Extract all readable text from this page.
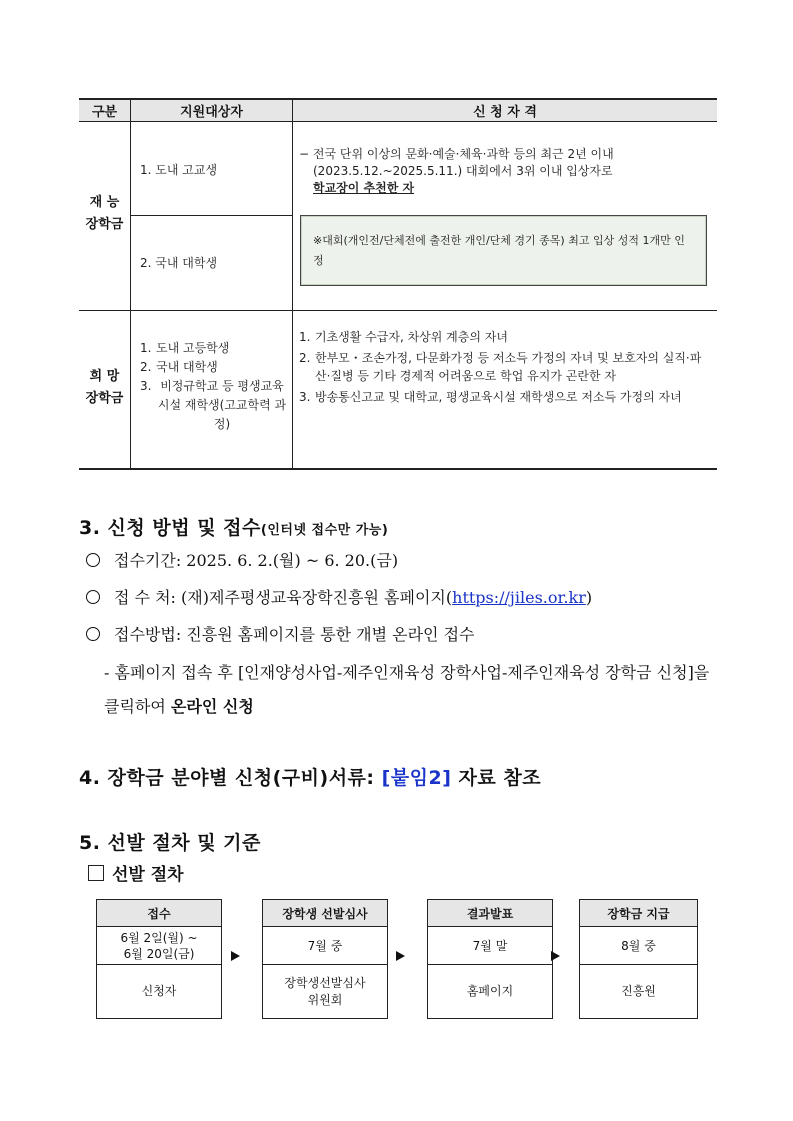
구분	지원대상자	신 청 자 격
재 능
장학금
1. 도내 고교생
2. 국내 대학생
− 전국 단위 이상의 문화·예술·체육·과학 등의 최근 2년 이내
(2023.5.12.~2025.5.11.) 대회에서 3위 이내 입상자로
학교장이 추천한 자
※대회(개인전/단체전에 출전한 개인/단체 경기 종목) 최고 입상 성적 1개만 인정
희 망
장학금
1. 도내 고등학생
2. 국내 대학생
3. 비정규학교 등 평생교육 시설 재학생(고교학력 과정)
1. 기초생활 수급자, 차상위 계층의 자녀
2. 한부모・조손가정, 다문화가정 등 저소득 가정의 자녀 및 보호자의 실직·파산·질병 등 기타 경제적 어려움으로 학업 유지가 곤란한 자
3. 방송통신고교 및 대학교, 평생교육시설 재학생으로 저소득 가정의 자녀
3. 신청 방법 및 접수(인터넷 접수만 가능)
접수기간: 2025. 6. 2.(월) ~ 6. 20.(금)
접 수 처: (재)제주평생교육장학진흥원 홈페이지(https://jiles.or.kr)
접수방법: 진흥원 홈페이지를 통한 개별 온라인 접수
- 홈페이지 접속 후 [인재양성사업-제주인재육성 장학사업-제주인재육성 장학금 신청]을 클릭하여 온라인 신청
4. 장학금 분야별 신청(구비)서류: [붙임2] 자료 참조
5. 선발 절차 및 기준
선발 절차
접수
6월 2일(월) ~
6월 20일(금)
신청자
장학생 선발심사
7월 중
장학생선발심사
위원회
결과발표
7월 말
홈페이지
장학금 지급
8월 중
진흥원
